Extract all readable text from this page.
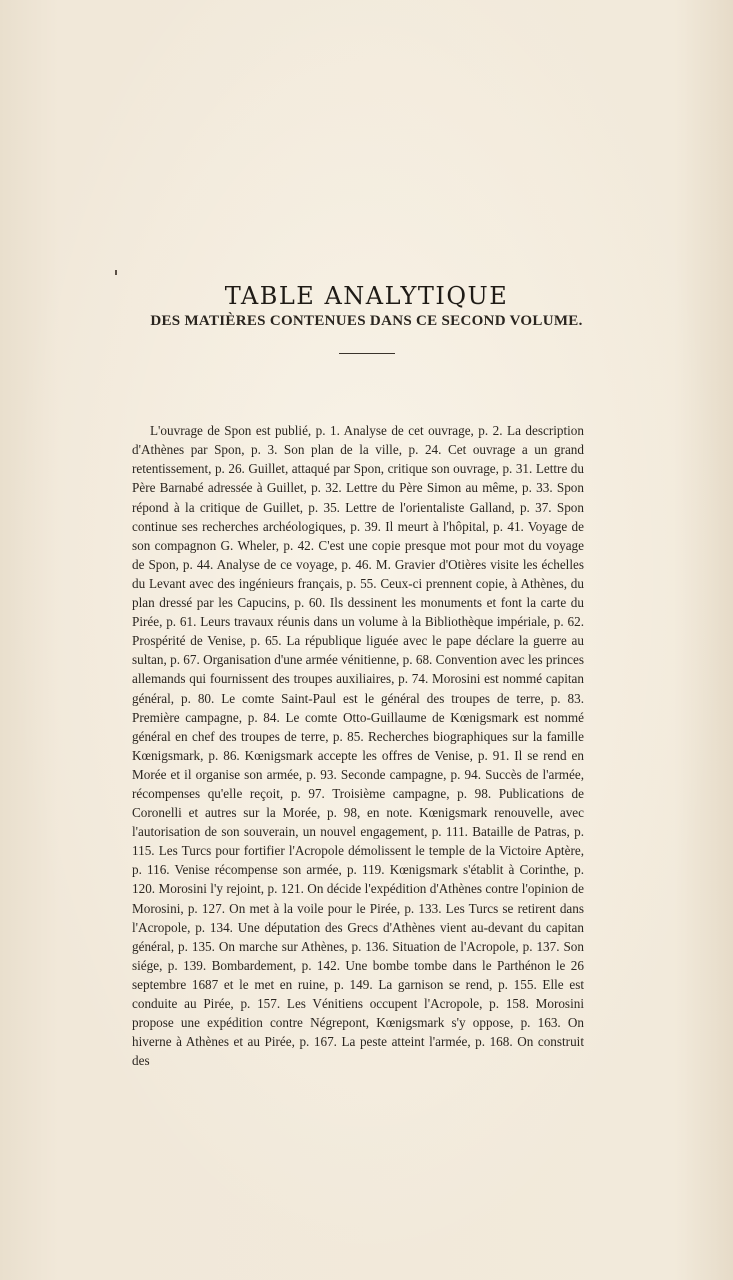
TABLE ANALYTIQUE
DES MATIÈRES CONTENUES DANS CE SECOND VOLUME.

L'ouvrage de Spon est publié, p. 1. Analyse de cet ouvrage, p. 2. La description d'Athènes par Spon, p. 3. Son plan de la ville, p. 24. Cet ouvrage a un grand retentissement, p. 26. Guillet, attaqué par Spon, critique son ouvrage, p. 31. Lettre du Père Barnabé adressée à Guillet, p. 32. Lettre du Père Simon au même, p. 33. Spon répond à la critique de Guillet, p. 35. Lettre de l'orientaliste Galland, p. 37. Spon continue ses recherches archéologiques, p. 39. Il meurt à l'hôpital, p. 41. Voyage de son compagnon G. Wheler, p. 42. C'est une copie presque mot pour mot du voyage de Spon, p. 44. Analyse de ce voyage, p. 46. M. Gravier d'Otières visite les échelles du Levant avec des ingénieurs français, p. 55. Ceux-ci prennent copie, à Athènes, du plan dressé par les Capucins, p. 60. Ils dessinent les monuments et font la carte du Pirée, p. 61. Leurs travaux réunis dans un volume à la Bibliothèque impériale, p. 62. Prospérité de Venise, p. 65. La république liguée avec le pape déclare la guerre au sultan, p. 67. Organisation d'une armée vénitienne, p. 68. Convention avec les princes allemands qui fournissent des troupes auxiliaires, p. 74. Morosini est nommé capitan général, p. 80. Le comte Saint-Paul est le général des troupes de terre, p. 83. Première campagne, p. 84. Le comte Otto-Guillaume de Kœnigsmark est nommé général en chef des troupes de terre, p. 85. Recherches biographiques sur la famille Kœnigsmark, p. 86. Kœnigsmark accepte les offres de Venise, p. 91. Il se rend en Morée et il organise son armée, p. 93. Seconde campagne, p. 94. Succès de l'armée, récompenses qu'elle reçoit, p. 97. Troisième campagne, p. 98. Publications de Coronelli et autres sur la Morée, p. 98, en note. Kœnigsmark renouvelle, avec l'autorisation de son souverain, un nouvel engagement, p. 111. Bataille de Patras, p. 115. Les Turcs pour fortifier l'Acropole démolissent le temple de la Victoire Aptère, p. 116. Venise récompense son armée, p. 119. Kœnigsmark s'établit à Corinthe, p. 120. Morosini l'y rejoint, p. 121. On décide l'expédition d'Athènes contre l'opinion de Morosini, p. 127. On met à la voile pour le Pirée, p. 133. Les Turcs se retirent dans l'Acropole, p. 134. Une députation des Grecs d'Athènes vient au-devant du capitan général, p. 135. On marche sur Athènes, p. 136. Situation de l'Acropole, p. 137. Son siége, p. 139. Bombardement, p. 142. Une bombe tombe dans le Parthénon le 26 septembre 1687 et le met en ruine, p. 149. La garnison se rend, p. 155. Elle est conduite au Pirée, p. 157. Les Vénitiens occupent l'Acropole, p. 158. Morosini propose une expédition contre Négrepont, Kœnigsmark s'y oppose, p. 163. On hiverne à Athènes et au Pirée, p. 167. La peste atteint l'armée, p. 168. On construit des
